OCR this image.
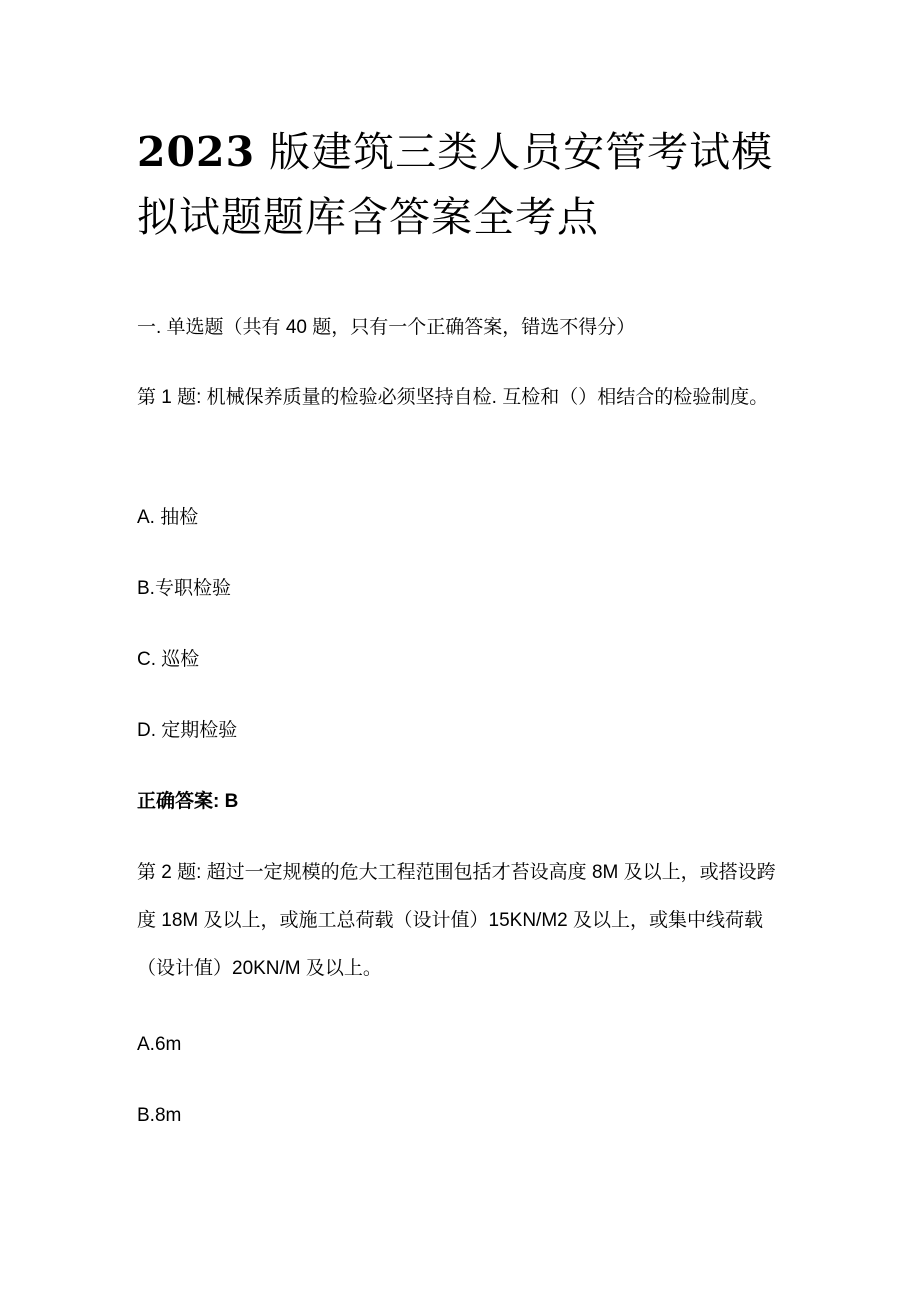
2023 版建筑三类人员安管考试模拟试题题库含答案全考点

一. 单选题（共有 40 题，只有一个正确答案，错选不得分）

第 1 题: 机械保养质量的检验必须坚持自检. 互检和（）相结合的检验制度。

A. 抽检

B.专职检验

C. 巡检

D. 定期检验

正确答案: B

第 2 题: 超过一定规模的危大工程范围包括才苔设高度 8M 及以上，或搭设跨度 18M 及以上，或施工总荷载（设计值）15KN/M2 及以上，或集中线荷载（设计值）20KN/M 及以上。

A.6m

B.8m
